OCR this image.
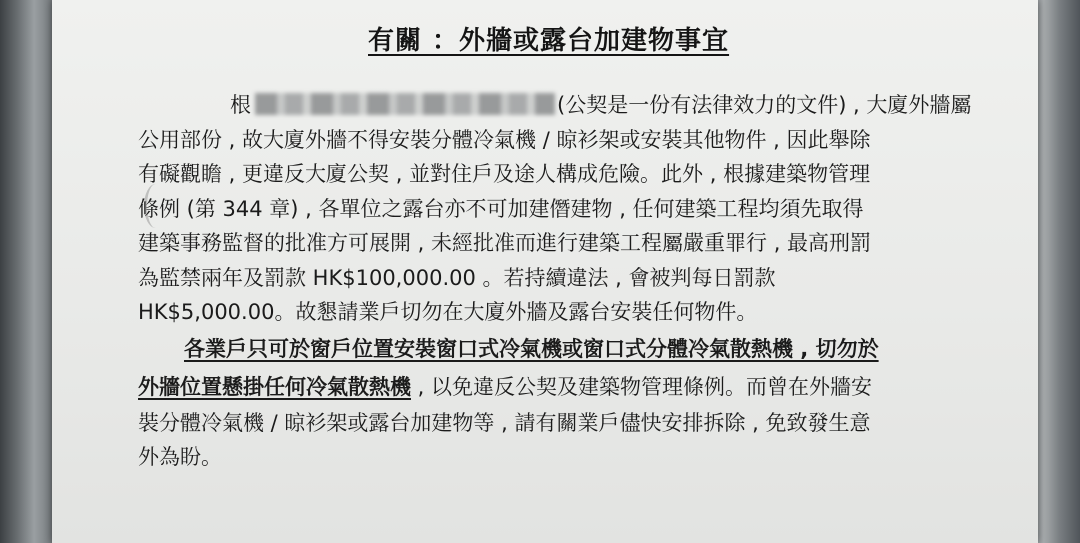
有關 ：外牆或露台加建物事宜
根	(公契是一份有法律效力的文件) , 大廈外牆屬
公用部份 , 故大廈外牆不得安裝分體冷氣機 / 晾衫架或安裝其他物件 , 因此舉除
有礙觀瞻 , 更違反大廈公契 , 並對住戶及途人構成危險。此外 , 根據建築物管理
條例 (第 344 章) , 各單位之露台亦不可加建僭建物 , 任何建築工程均須先取得
建築事務監督的批准方可展開 , 未經批准而進行建築工程屬嚴重罪行 , 最高刑罰
為監禁兩年及罰款 HK$100,000.00 。若持續違法 , 會被判每日罰款
HK$5,000.00。故懇請業戶切勿在大廈外牆及露台安裝任何物件。
各業戶只可於窗戶位置安裝窗口式冷氣機或窗口式分體冷氣散熱機 , 切勿於
外牆位置懸掛任何冷氣散熱機 , 以免違反公契及建築物管理條例。而曾在外牆安
裝分體冷氣機 / 晾衫架或露台加建物等 , 請有關業戶儘快安排拆除 , 免致發生意
外為盼。
